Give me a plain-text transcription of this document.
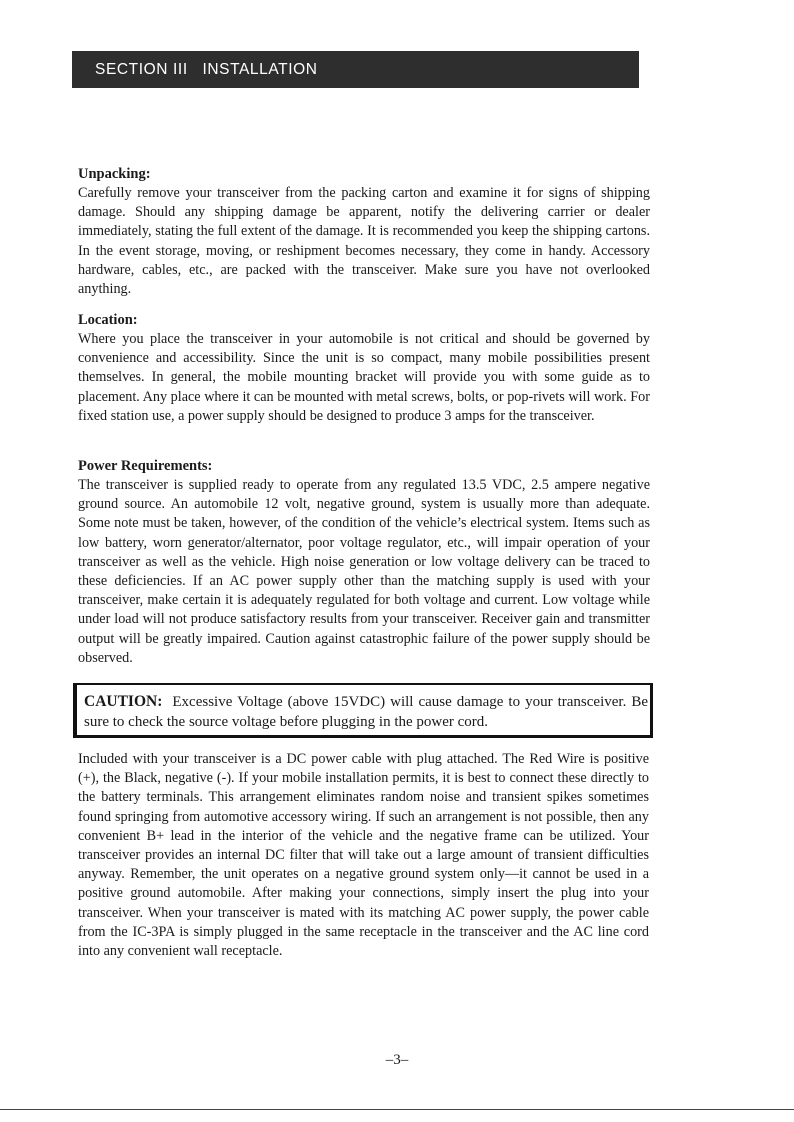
SECTION III   INSTALLATION
Unpacking:

Carefully remove your transceiver from the packing carton and examine it for signs of shipping damage. Should any shipping damage be apparent, notify the delivering carrier or dealer immediately, stating the full extent of the damage. It is recommended you keep the shipping cartons. In the event storage, moving, or reshipment becomes necessary, they come in handy. Accessory hardware, cables, etc., are packed with the transceiver. Make sure you have not overlooked anything.

Location:

Where you place the transceiver in your automobile is not critical and should be governed by convenience and accessibility. Since the unit is so compact, many mobile possibilities present themselves. In general, the mobile mounting bracket will provide you with some guide as to placement. Any place where it can be mounted with metal screws, bolts, or pop-rivets will work. For fixed station use, a power supply should be designed to produce 3 amps for the transceiver.

Power Requirements:

The transceiver is supplied ready to operate from any regulated 13.5 VDC, 2.5 ampere negative ground source. An automobile 12 volt, negative ground, system is usually more than adequate. Some note must be taken, however, of the condition of the vehicle’s electrical system. Items such as low battery, worn generator/alternator, poor voltage regulator, etc., will impair operation of your transceiver as well as the vehicle. High noise generation or low voltage delivery can be traced to these deficiencies. If an AC power supply other than the matching supply is used with your transceiver, make certain it is adequately regulated for both voltage and current. Low voltage while under load will not produce satisfactory results from your transceiver. Receiver gain and transmitter output will be greatly impaired. Caution against catastrophic failure of the power supply should be observed.

CAUTION: Excessive Voltage (above 15VDC) will cause damage to your transceiver. Be sure to check the source voltage before plugging in the power cord.

Included with your transceiver is a DC power cable with plug attached. The Red Wire is positive (+), the Black, negative (-). If your mobile installation permits, it is best to connect these directly to the battery terminals. This arrangement eliminates random noise and transient spikes sometimes found springing from automotive accessory wiring. If such an arrangement is not possible, then any convenient B+ lead in the interior of the vehicle and the negative frame can be utilized. Your transceiver provides an internal DC filter that will take out a large amount of transient difficulties anyway. Remember, the unit operates on a negative ground system only—it cannot be used in a positive ground automobile. After making your connections, simply insert the plug into your transceiver. When your transceiver is mated with its matching AC power supply, the power cable from the IC-3PA is simply plugged in the same receptacle in the transceiver and the AC line cord into any convenient wall receptacle.

–3–
